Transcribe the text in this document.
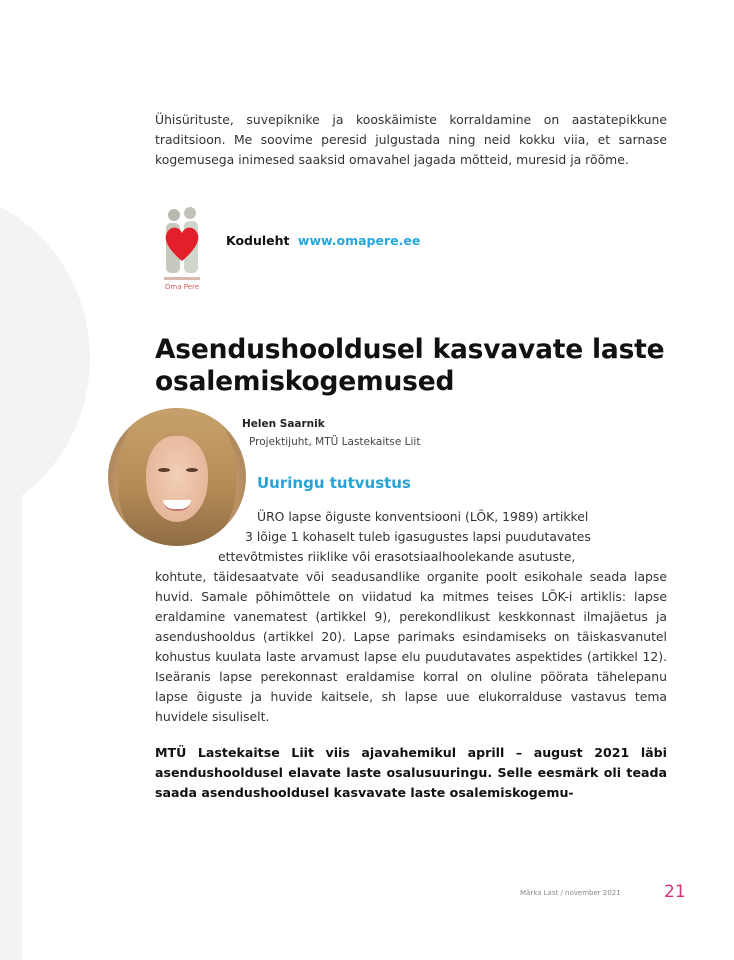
Ühisürituste, suvepiknike ja kooskäimiste korraldamine on aastatepikkune traditsioon. Me soovime peresid julgustada ning neid kokku viia, et sarnase kogemusega inimesed saaksid omavahel jagada mõtteid, muresid ja rõõme.

Oma Pere
Koduleht www.omapere.ee
Asendushooldusel kasvavate laste osalemiskogemused
Helen Saarnik
Projektijuht, MTÜ Lastekaitse Liit
Uuringu tutvustus
ÜRO lapse õiguste konventsiooni (LÕK, 1989) artikkel
3 lõige 1 kohaselt tuleb igasugustes lapsi puudutavates
ettevõtmistes riiklike või erasotsiaalhoolekande asutuste,
kohtute, täidesaatvate või seadusandlike organite poolt esikohale seada lapse huvid. Samale põhimõttele on viidatud ka mitmes teises LÕK-i artiklis: lapse eraldamine vanematest (artikkel 9), perekondlikust keskkonnast ilmajäetus ja asendushooldus (artikkel 20). Lapse parimaks esindamiseks on täiskasvanutel kohustus kuulata laste arvamust lapse elu puudutavates aspektides (artikkel 12). Iseäranis lapse perekonnast eraldamise korral on oluline pöörata tähelepanu lapse õiguste ja huvide kaitsele, sh lapse uue elukorralduse vastavus tema huvidele sisuliselt.

MTÜ Lastekaitse Liit viis ajavahemikul aprill – august 2021 läbi asendushooldusel elavate laste osalusuuringu. Selle eesmärk oli teada saada asendushooldusel kasvavate laste osalemiskogemu-

Märka Last / november 2021	21
